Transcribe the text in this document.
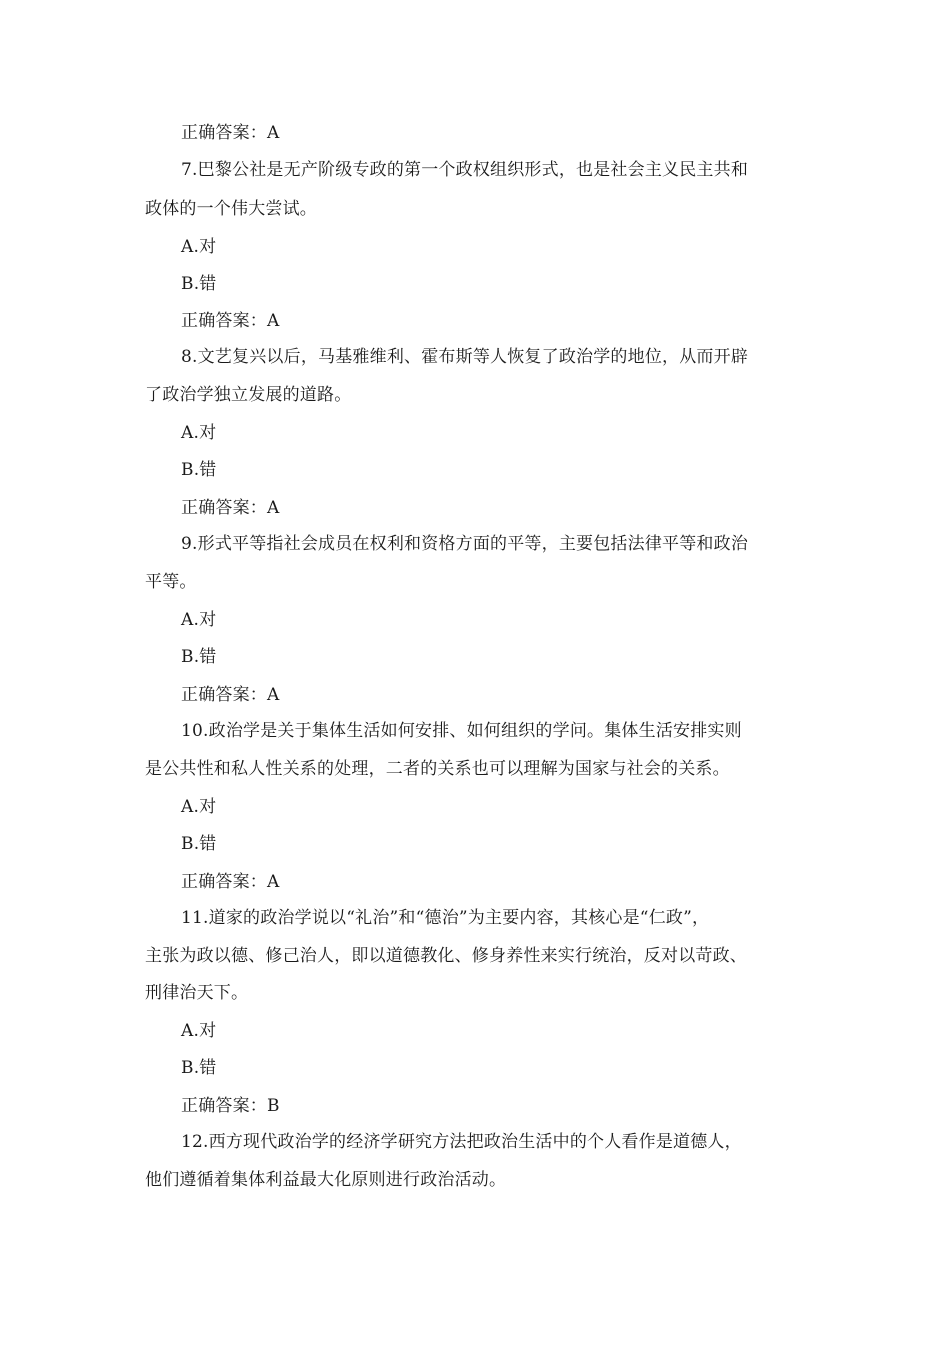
正确答案：A
7.巴黎公社是无产阶级专政的第一个政权组织形式，也是社会主义民主共和
政体的一个伟大尝试。
A.对
B.错
正确答案：A
8.文艺复兴以后，马基雅维利、霍布斯等人恢复了政治学的地位，从而开辟
了政治学独立发展的道路。
A.对
B.错
正确答案：A
9.形式平等指社会成员在权利和资格方面的平等，主要包括法律平等和政治
平等。
A.对
B.错
正确答案：A
10.政治学是关于集体生活如何安排、如何组织的学问。集体生活安排实则
是公共性和私人性关系的处理，二者的关系也可以理解为国家与社会的关系。
A.对
B.错
正确答案：A
11.道家的政治学说以“礼治”和“德治”为主要内容，其核心是“仁政”，
主张为政以德、修己治人，即以道德教化、修身养性来实行统治，反对以苛政、
刑律治天下。
A.对
B.错
正确答案：B
12.西方现代政治学的经济学研究方法把政治生活中的个人看作是道德人，
他们遵循着集体利益最大化原则进行政治活动。
